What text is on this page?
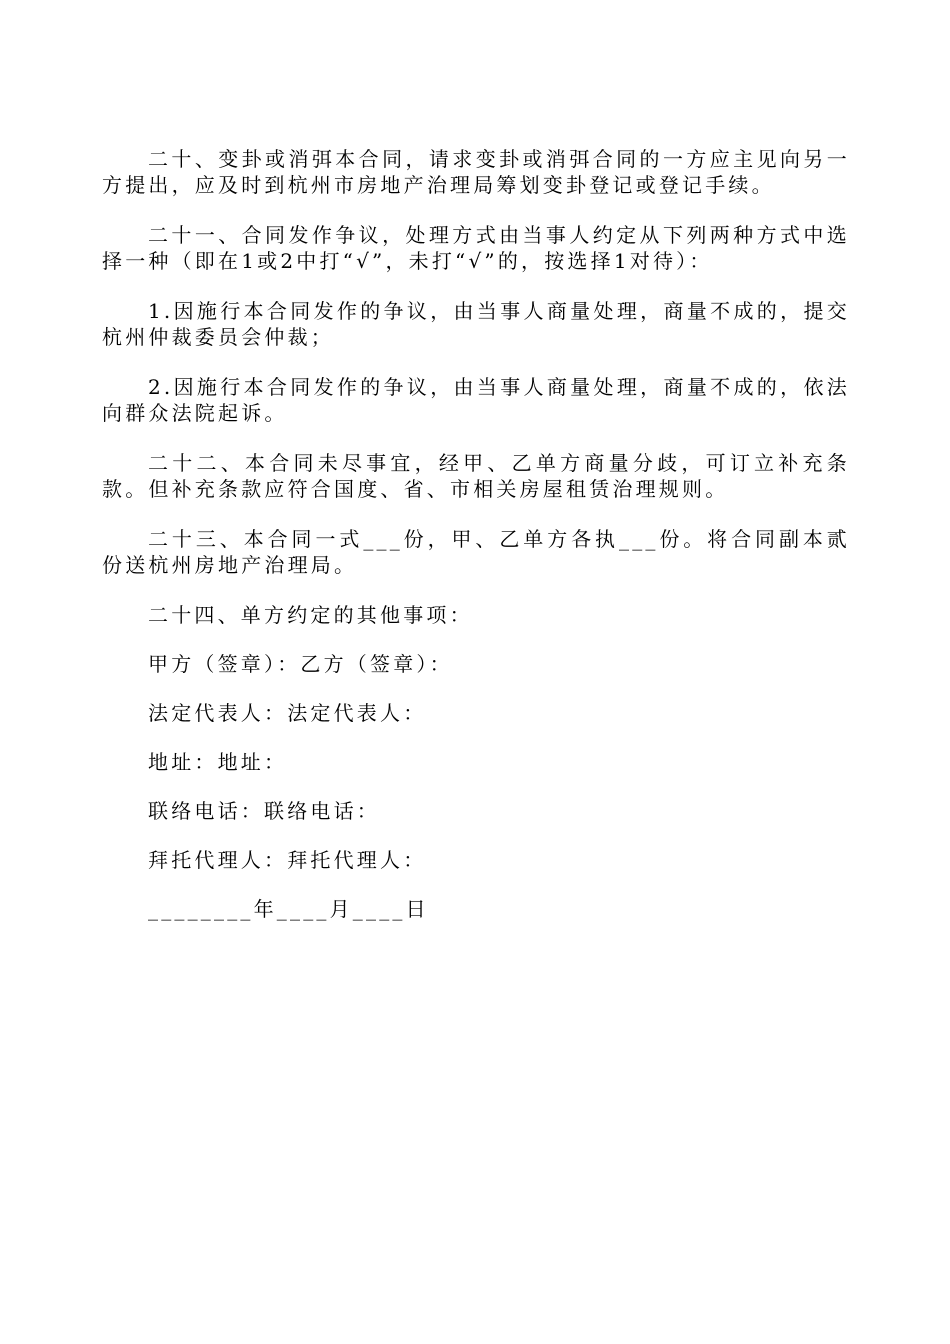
二十、变卦或消弭本合同，请求变卦或消弭合同的一方应主见向另一方提出，应及时到杭州市房地产治理局筹划变卦登记或登记手续。

二十一、合同发作争议，处理方式由当事人约定从下列两种方式中选择一种（即在1或2中打“√”，未打“√”的，按选择1对待）：

1.因施行本合同发作的争议，由当事人商量处理，商量不成的，提交杭州仲裁委员会仲裁；

2.因施行本合同发作的争议，由当事人商量处理，商量不成的，依法向群众法院起诉。

二十二、本合同未尽事宜，经甲、乙单方商量分歧，可订立补充条款。但补充条款应符合国度、省、市相关房屋租赁治理规则。

二十三、本合同一式___份，甲、乙单方各执___份。将合同副本贰份送杭州房地产治理局。

二十四、单方约定的其他事项：
甲方（签章）：乙方（签章）：
法定代表人：法定代表人：
地址：地址：
联络电话：联络电话：
拜托代理人：拜托代理人：
________年____月____日
